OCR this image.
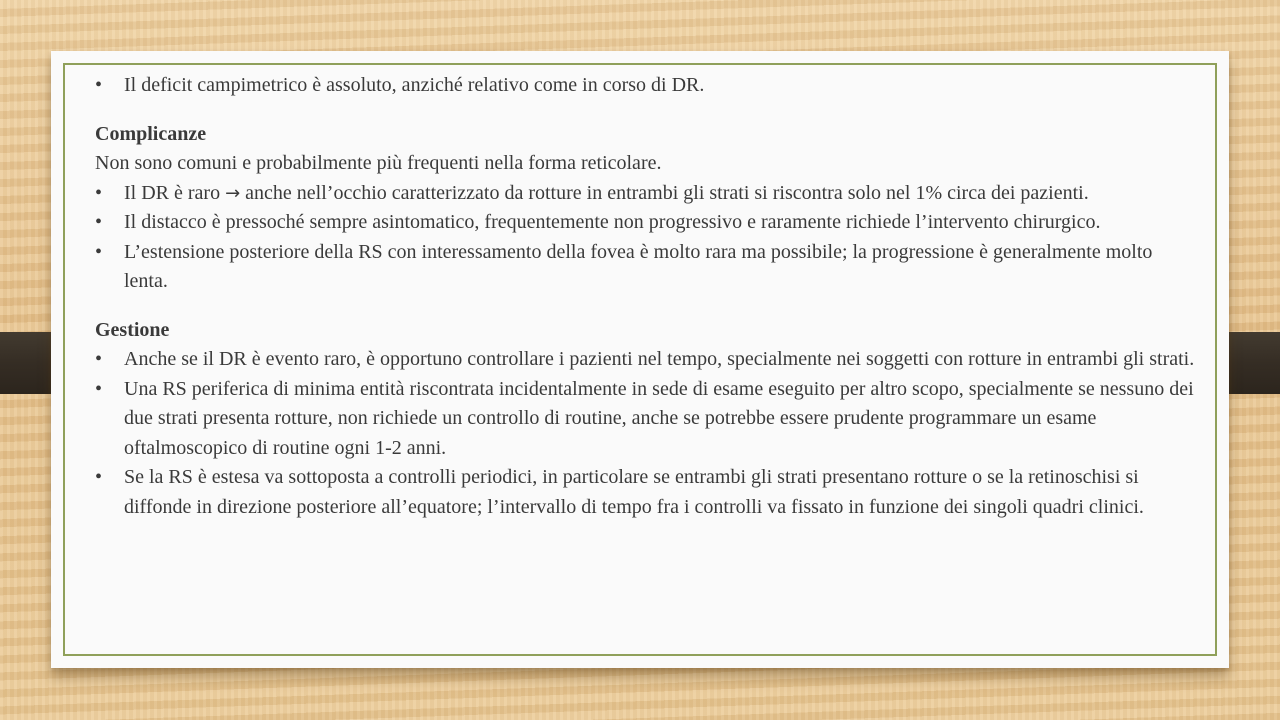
• Il deficit campimetrico è assoluto, anziché relativo come in corso di DR.
Complicanze
Non sono comuni e probabilmente più frequenti nella forma reticolare.
• Il DR è raro → anche nell’occhio caratterizzato da rotture in entrambi gli strati si riscontra solo nel 1% circa dei pazienti.
• Il distacco è pressoché sempre asintomatico, frequentemente non progressivo e raramente richiede l’intervento chirurgico.
• L’estensione posteriore della RS con interessamento della fovea è molto rara ma possibile; la progressione è generalmente molto lenta.
Gestione
• Anche se il DR è evento raro, è opportuno controllare i pazienti nel tempo, specialmente nei soggetti con rotture in entrambi gli strati.
• Una RS periferica di minima entità riscontrata incidentalmente in sede di esame eseguito per altro scopo, specialmente se nessuno dei due strati presenta rotture, non richiede un controllo di routine, anche se potrebbe essere prudente programmare un esame oftalmoscopico di routine ogni 1-2 anni.
• Se la RS è estesa va sottoposta a controlli periodici, in particolare se entrambi gli strati presentano rotture o se la retinoschisi si diffonde in direzione posteriore all’equatore; l’intervallo di tempo fra i controlli va fissato in funzione dei singoli quadri clinici.
